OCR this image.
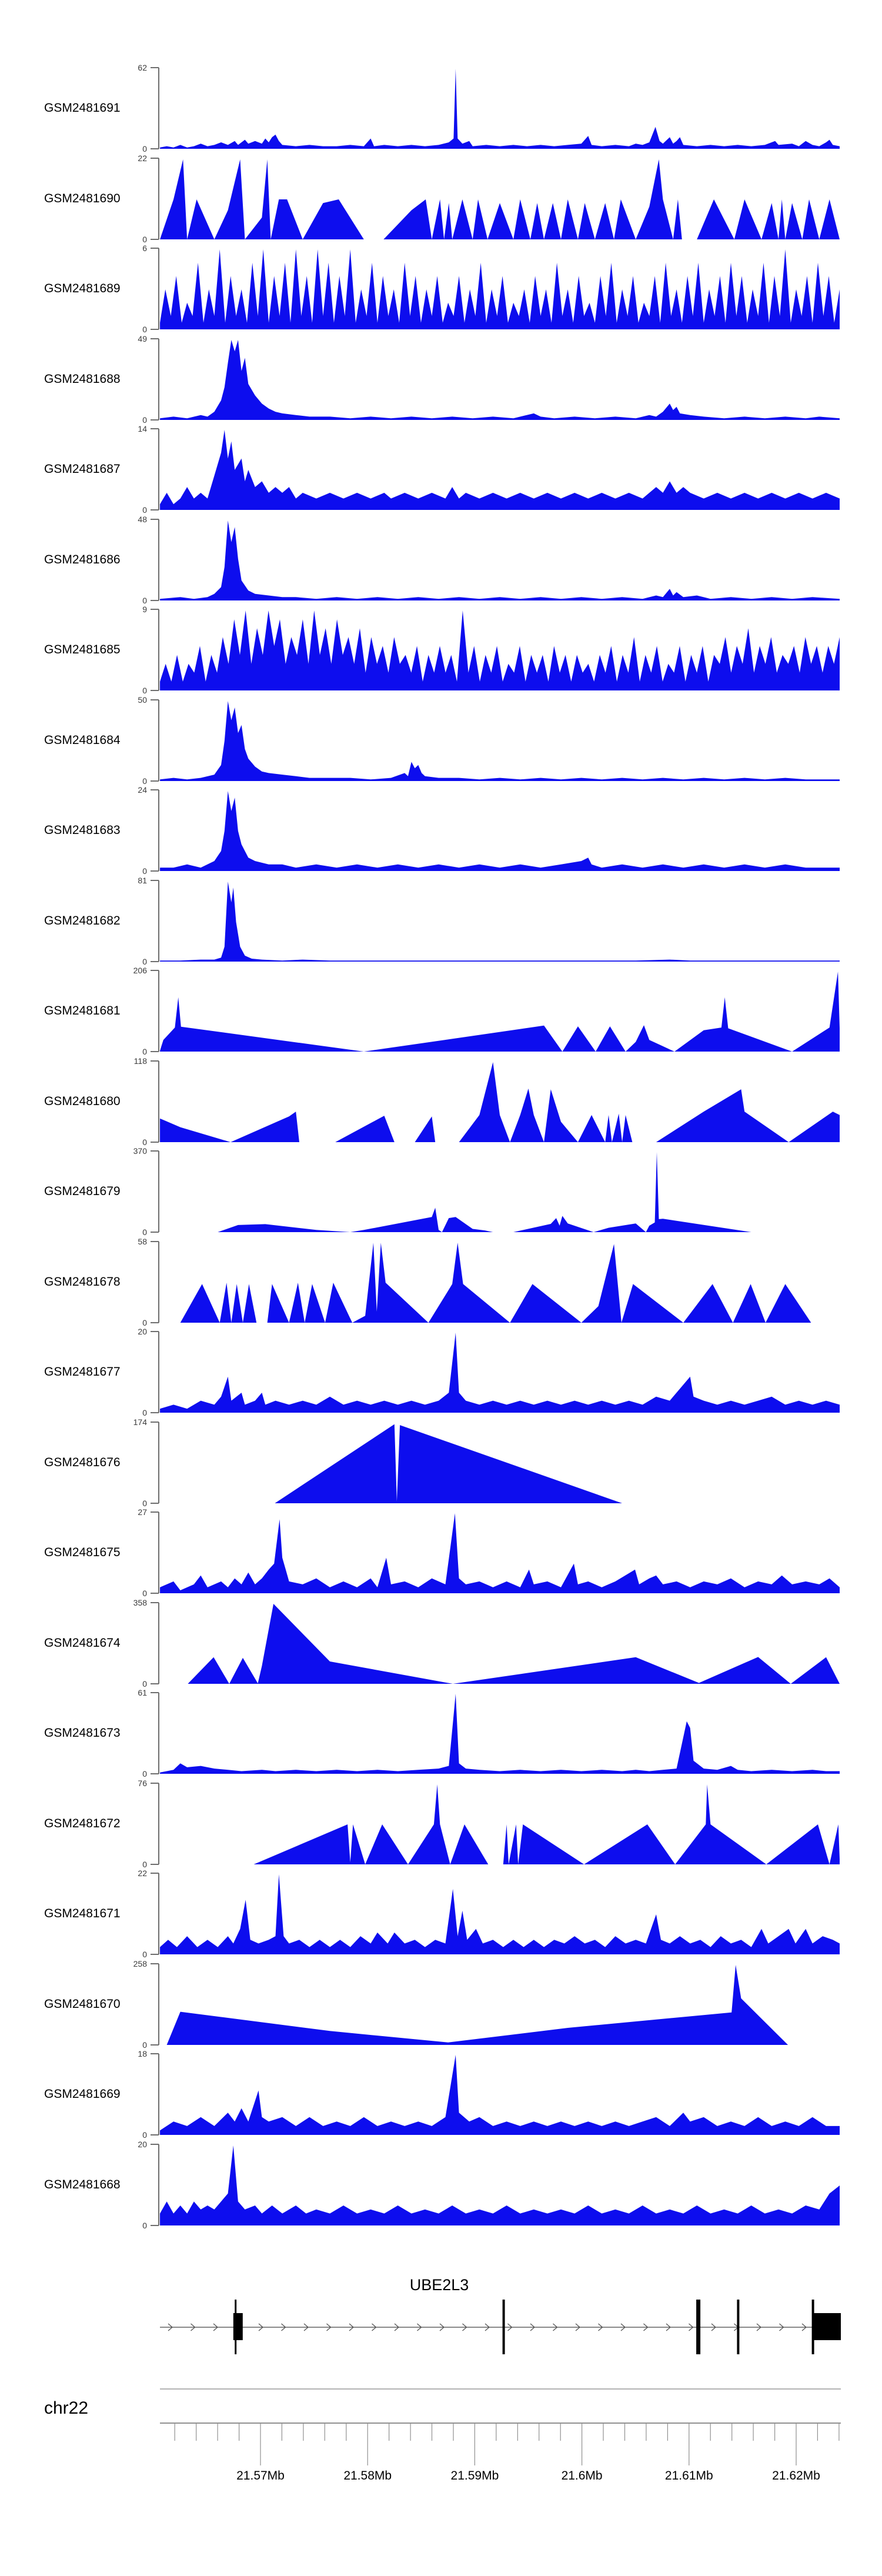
GSM2481691
62
0
GSM2481690
22
0
GSM2481689
6
0
GSM2481688
49
0
GSM2481687
14
0
GSM2481686
48
0
GSM2481685
9
0
GSM2481684
50
0
GSM2481683
24
0
GSM2481682
81
0
GSM2481681
206
0
GSM2481680
118
0
GSM2481679
370
0
GSM2481678
58
0
GSM2481677
20
0
GSM2481676
174
0
GSM2481675
27
0
GSM2481674
358
0
GSM2481673
61
0
GSM2481672
76
0
GSM2481671
22
0
GSM2481670
258
0
GSM2481669
18
0
GSM2481668
20
0
UBE2L3
chr22
21.57Mb	21.58Mb	21.59Mb	21.6Mb	21.61Mb	21.62Mb
